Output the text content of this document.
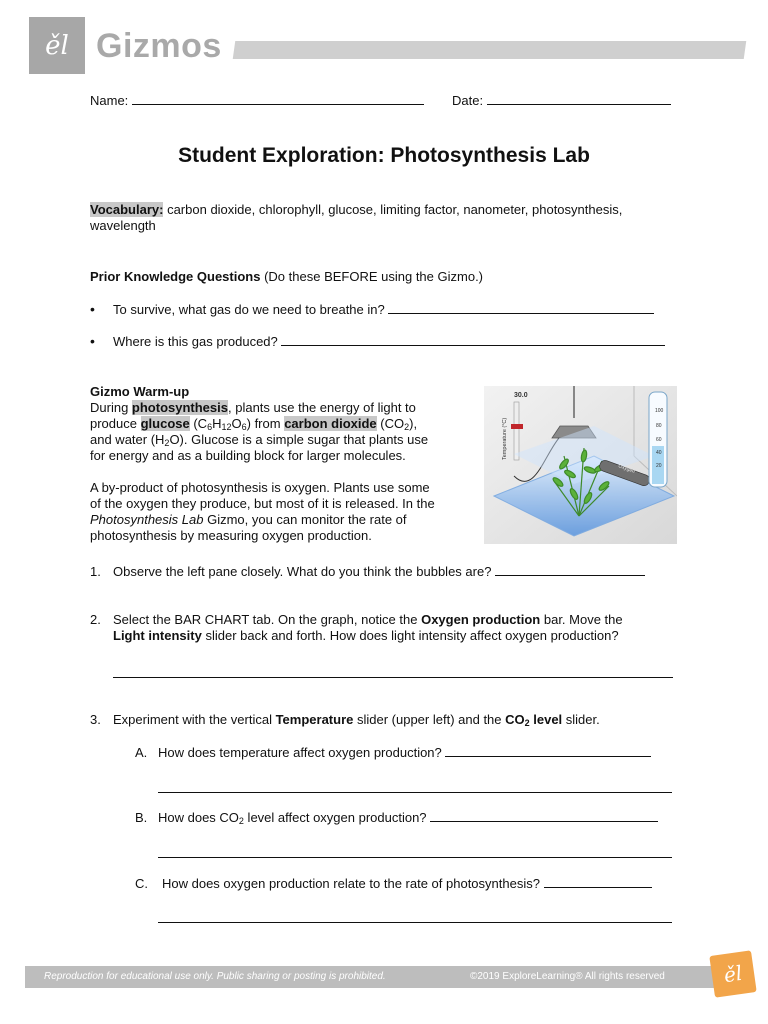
ěl Gizmos
Name:	Date:
Student Exploration: Photosynthesis Lab
Vocabulary: carbon dioxide, chlorophyll, glucose, limiting factor, nanometer, photosynthesis,
wavelength
Prior Knowledge Questions (Do these BEFORE using the Gizmo.)
• To survive, what gas do we need to breathe in?
• Where is this gas produced?
Gizmo Warm-up
During photosynthesis, plants use the energy of light to
produce glucose $(C_6H_{12}O_6)$ from carbon dioxide $(CO_2)$,
and water $(H_2O)$. Glucose is a simple sugar that plants use
for energy and as a building block for larger molecules.
A by-product of photosynthesis is oxygen. Plants use some
of the oxygen they produce, but most of it is released. In the
Photosynthesis Lab Gizmo, you can monitor the rate of
photosynthesis by measuring oxygen production.
30.0
Temperature (°C)
Oxygen
100
80
60
40
20
1. Observe the left pane closely. What do you think the bubbles are?
2. Select the BAR CHART tab. On the graph, notice the Oxygen production bar. Move the
Light intensity slider back and forth. How does light intensity affect oxygen production?
3. Experiment with the vertical Temperature slider (upper left) and the $CO_2$ level slider.
A. How does temperature affect oxygen production?
B. How does $CO_2$ level affect oxygen production?
C. How does oxygen production relate to the rate of photosynthesis?
Reproduction for educational use only. Public sharing or posting is prohibited.	©2019 ExploreLearning® All rights reserved	ěl
